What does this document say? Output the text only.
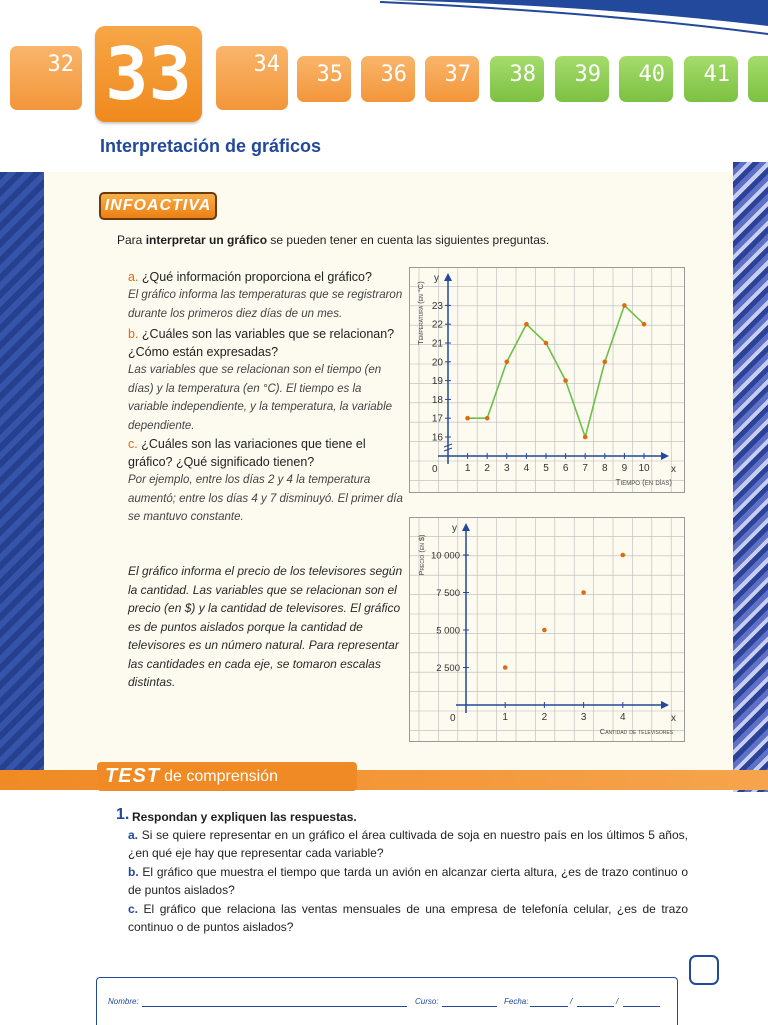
32 33	34 35 36 37 38 39 40 41
Interpretación de gráficos
INFOACTIVA
Para interpretar un gráfico se pueden tener en cuenta las siguientes preguntas.
a. ¿Qué información proporciona el gráfico?
El gráfico informa las temperaturas que se registraron durante los primeros diez días de un mes.
b. ¿Cuáles son las variables que se relacionan? ¿Cómo están expresadas?
Las variables que se relacionan son el tiempo (en días) y la temperatura (en °C). El tiempo es la variable independiente, y la temperatura, la variable dependiente.
c. ¿Cuáles son las variaciones que tiene el gráfico? ¿Qué significado tienen?
Por ejemplo, entre los días 2 y 4 la temperatura aumentó; entre los días 4 y 7 disminuyó. El primer día se mantuvo constante.
El gráfico informa el precio de los televisores según la cantidad. Las variables que se relacionan son el precio (en $) y la cantidad de televisores. El gráfico es de puntos aislados porque la cantidad de televisores es un número natural. Para representar las cantidades en cada eje, se tomaron escalas distintas.
x
y
0	1 2 3 4 5 6 7 8 9 10
16
17
18
19
20
21
22
23
Temperatura (en °C)
Tiempo (en días)
x
y
0	1	2	3	4
2 500
5 000
7 500
10 000
Precio (en $)
Cantidad de televisores
TEST de comprensión
1. Respondan y expliquen las respuestas.
a. Si se quiere representar en un gráfico el área cultivada de soja en nuestro país en los últimos 5 años, ¿en qué eje hay que representar cada variable?
b. El gráfico que muestra el tiempo que tarda un avión en alcanzar cierta altura, ¿es de trazo continuo o de puntos aislados?
c. El gráfico que relaciona las ventas mensuales de una empresa de telefonía celular, ¿es de trazo continuo o de puntos aislados?
Nombre:	Curso:	Fecha:	/	/
